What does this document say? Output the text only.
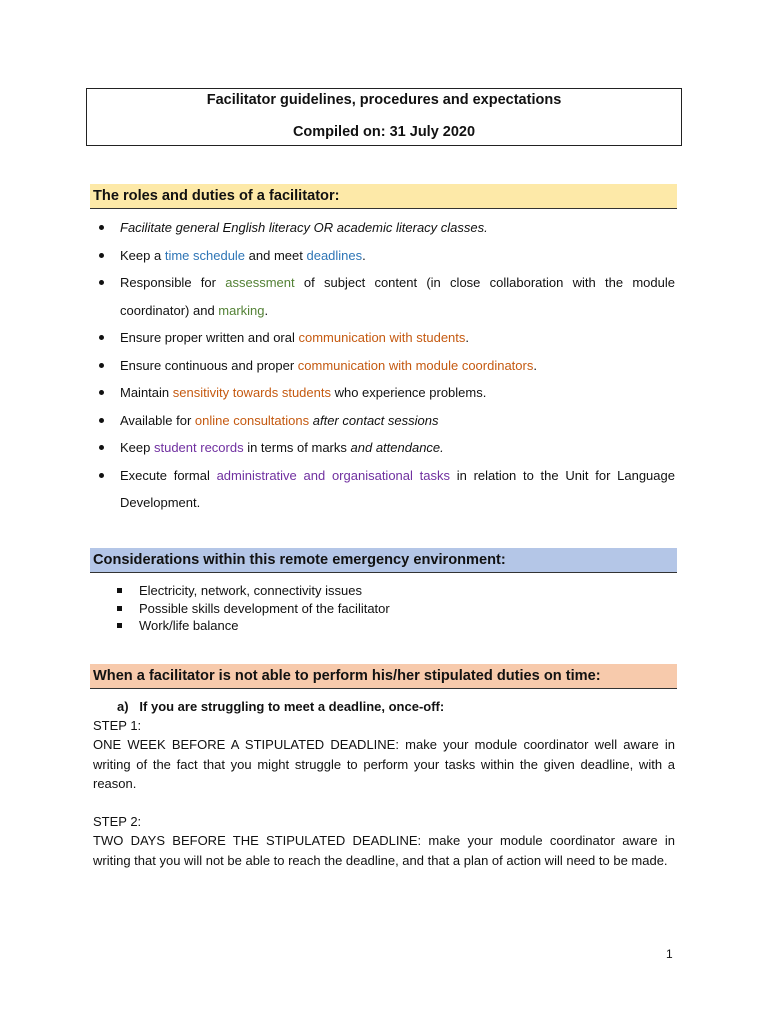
Facilitator guidelines, procedures and expectations
Compiled on: 31 July 2020
The roles and duties of a facilitator:
Facilitate general English literacy OR academic literacy classes.
Keep a time schedule and meet deadlines.
Responsible for assessment of subject content (in close collaboration with the module coordinator) and marking.
Ensure proper written and oral communication with students.
Ensure continuous and proper communication with module coordinators.
Maintain sensitivity towards students who experience problems.
Available for online consultations after contact sessions
Keep student records in terms of marks and attendance.
Execute formal administrative and organisational tasks in relation to the Unit for Language Development.
Considerations within this remote emergency environment:
Electricity, network, connectivity issues
Possible skills development of the facilitator
Work/life balance
When a facilitator is not able to perform his/her stipulated duties on time:
a) If you are struggling to meet a deadline, once-off:
STEP 1:
ONE WEEK BEFORE A STIPULATED DEADLINE: make your module coordinator well aware in writing of the fact that you might struggle to perform your tasks within the given deadline, with a reason.
STEP 2:
TWO DAYS BEFORE THE STIPULATED DEADLINE: make your module coordinator aware in writing that you will not be able to reach the deadline, and that a plan of action will need to be made.
1
